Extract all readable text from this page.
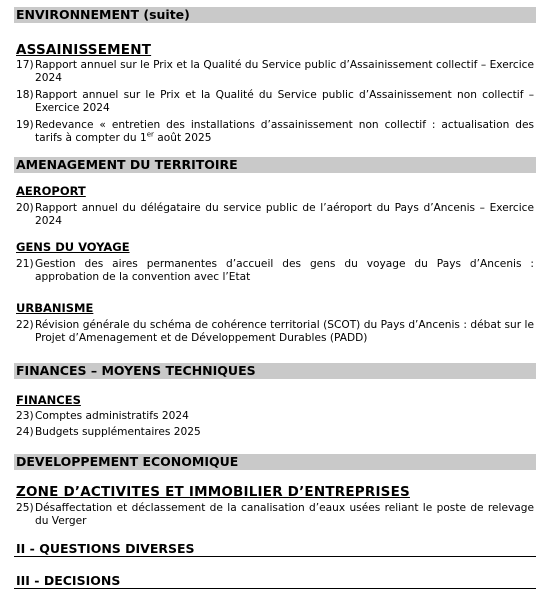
ENVIRONNEMENT (suite)
ASSAINISSEMENT
17) Rapport annuel sur le Prix et la Qualité du Service public d’Assainissement collectif – Exercice 2024
18) Rapport annuel sur le Prix et la Qualité du Service public d’Assainissement non collectif – Exercice 2024
19) Redevance « entretien des installations d’assainissement non collectif : actualisation des tarifs à compter du 1er août 2025
AMENAGEMENT DU TERRITOIRE
AEROPORT
20) Rapport annuel du délégataire du service public de l’aéroport du Pays d’Ancenis – Exercice 2024
GENS DU VOYAGE
21) Gestion des aires permanentes d’accueil des gens du voyage du Pays d’Ancenis : approbation de la convention avec l’Etat
URBANISME
22) Révision générale du schéma de cohérence territorial (SCOT) du Pays d’Ancenis : débat sur le Projet d’Amenagement et de Développement Durables (PADD)
FINANCES – MOYENS TECHNIQUES
FINANCES
23) Comptes administratifs 2024
24) Budgets supplémentaires 2025
DEVELOPPEMENT ECONOMIQUE
ZONE D’ACTIVITES ET IMMOBILIER D’ENTREPRISES
25) Désaffectation et déclassement de la canalisation d’eaux usées reliant le poste de relevage du Verger
II - QUESTIONS DIVERSES
III - DECISIONS
